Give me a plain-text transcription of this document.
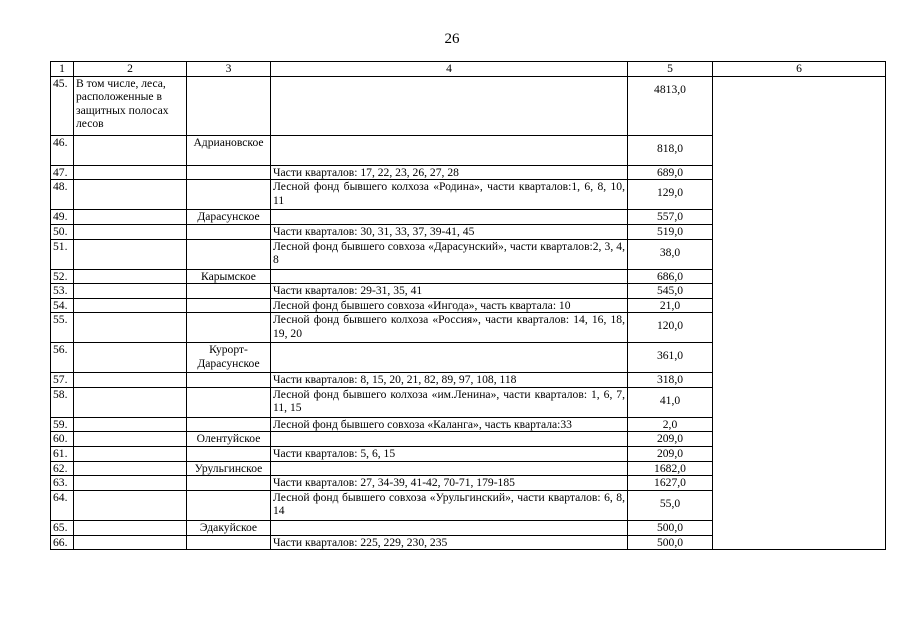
26
1	2	3	4	5	6
45.	В том числе, леса, расположенные в защитных полосах лесов			4813,0	
46.		Адриановское		818,0	
47.			Части кварталов: 17, 22, 23, 26, 27, 28	689,0	
48.			Лесной фонд бывшего колхоза «Родина», части кварталов:1, 6, 8, 10, 11	129,0	
49.		Дарасунское		557,0	
50.			Части кварталов: 30, 31, 33, 37, 39-41, 45	519,0	
51.			Лесной фонд бывшего совхоза «Дарасунский», части кварталов:2, 3, 4, 8	38,0	
52.		Карымское		686,0	
53.			Части кварталов: 29-31, 35, 41	545,0	
54.			Лесной фонд бывшего совхоза «Ингода», часть квартала: 10	21,0	
55.			Лесной фонд бывшего колхоза «Россия», части кварталов: 14, 16, 18, 19, 20	120,0	
56.		Курорт-Дарасунское		361,0	
57.			Части кварталов: 8, 15, 20, 21, 82, 89, 97, 108, 118	318,0	
58.			Лесной фонд бывшего колхоза «им.Ленина», части кварталов: 1, 6, 7, 11, 15	41,0	
59.			Лесной фонд бывшего совхоза «Каланга», часть квартала:33	2,0	
60.		Олентуйское		209,0	
61.			Части кварталов: 5, 6, 15	209,0	
62.		Урульгинское		1682,0	
63.			Части кварталов: 27, 34-39, 41-42, 70-71, 179-185	1627,0	
64.			Лесной фонд бывшего совхоза «Урульгинский», части кварталов: 6, 8, 14	55,0	
65.		Эдакуйское		500,0	
66.			Части кварталов: 225, 229, 230, 235	500,0	
